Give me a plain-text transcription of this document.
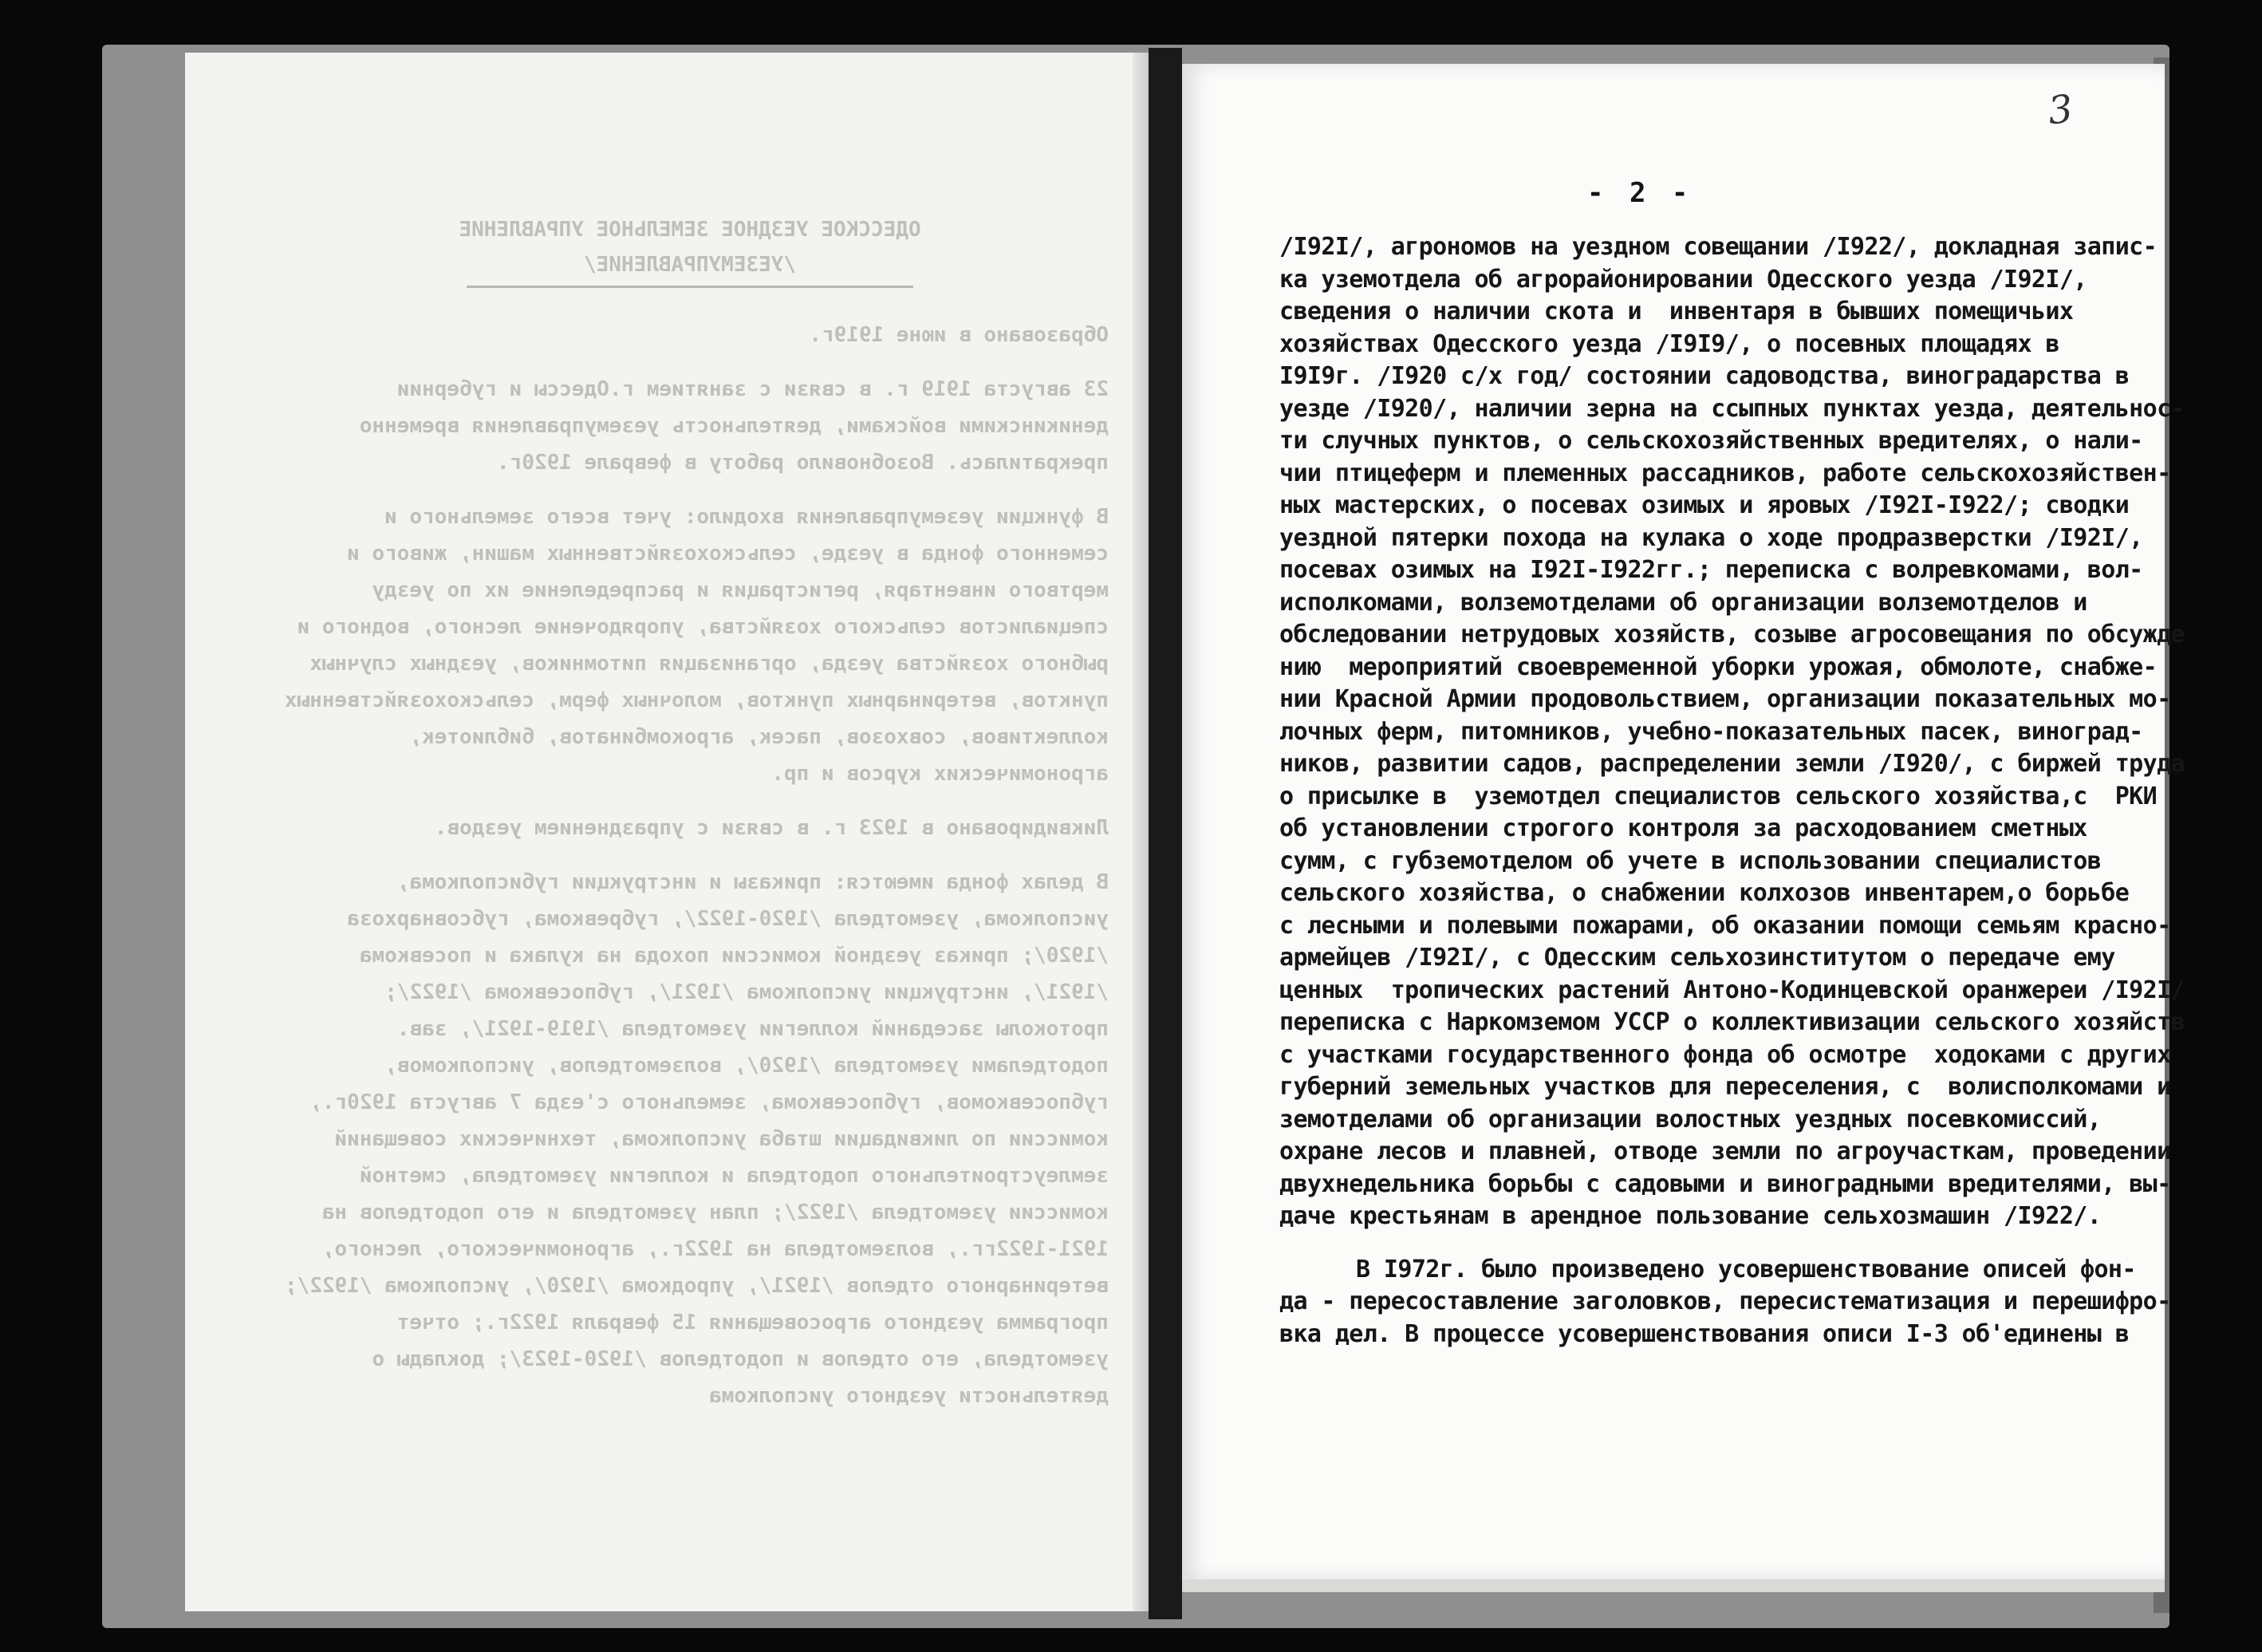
ОДЕССКОЕ УЕЗДНОЕ ЗЕМЕЛЬНОЕ УПРАВЛЕНИЕ
/УЕЗЕМУПРАВЛЕНИЕ/

Образовано в июне 1919г.

23 августа 1919 г. в связи с занятием г.Одессы и губернии деникинскими войсками, деятельность уеземуправления временно прекратилась. Возобновило работу в феврале 1920г.

В функции уеземуправления входило: учет всего земельного и семенного фонда в уезде, сельскохозяйственных машин, живого и мертвого инвентаря, регистрация и распределение их по уезду специалистов сельского хозяйства, упорядочение лесного, водного и рыбного хозяйства уезда, организация питомников, уездных случных пунктов, ветеринарных пунктов, молочных ферм, сельскохозяйственных коллективов, совхозов, пасек, агрокомбинатов, библиотек, агрономических курсов и пр.

Ликвидировано в 1923 г. в связи с упразднением уездов.

В делах фонда имеются: приказы и инструкции губисполкома, уисполкома, уземотдела /1920-1922/, губревкома, губсовнархоза /1920/; приказ уездной комиссии похода на кулака и посевкома /1921/, инструкции уисполкома /1921/, губпосевкома /1922/; протоколы заседаний коллегии уземотдела /1919-1921/, зав. подотделами уземотдела /1920/, волземотделов, уисполкомов, губпосевкомов, губпосевкома, земельного с'езда 7 августа 1920г., комиссии по ликвидации штаба уисполкома, технических совещаний землеустроительного подотдела и коллегии уземотдела, сметной комиссии уземотдела /1922/; план уземотдела и его подотделов на 1921-1922гг., волземотдела на 1922г., агрономического, лесного, ветеринарного отделов /1921/, упродкома /1920/, уисполкома /1922/; программа уездного агросовещания 15 февраля 1922г.; отчет уземотдела, его отделов и подотделов /1920-1923/; доклады о деятельности уездного уисполкома

3
- 2 -
/I92I/, агрономов на уездном совещании /I922/, докладная запис-
ка уземотдела об агрорайонировании Одесского уезда /I92I/,
сведения о наличии скота и  инвентаря в бывших помещичьих
хозяйствах Одесского уезда /I9I9/, о посевных площадях в
I9I9г. /I920 с/х год/ состоянии садоводства, виноградарства в
уезде /I920/, наличии зерна на ссыпных пунктах уезда, деятельнос-
ти случных пунктов, о сельскохозяйственных вредителях, о нали-
чии птицеферм и племенных рассадников, работе сельскохозяйствен-
ных мастерских, о посевах озимых и яровых /I92I-I922/; сводки
уездной пятерки похода на кулака о ходе продразверстки /I92I/,
посевах озимых на I92I-I922гг.; переписка с волревкомами, вол-
исполкомами, волземотделами об организации волземотделов и
обследовании нетрудовых хозяйств, созыве агросовещания по обсужде
нию  мероприятий своевременной уборки урожая, обмолоте, снабже-
нии Красной Армии продовольствием, организации показательных мо-
лочных ферм, питомников, учебно-показательных пасек, виноград-
ников, развитии садов, распределении земли /I920/, с биржей труда
о присылке в  уземотдел специалистов сельского хозяйства,с  РКИ
об установлении строгого контроля за расходованием сметных
сумм, с губземотделом об учете в использовании специалистов
сельского хозяйства, о снабжении колхозов инвентарем,о борьбе
с лесными и полевыми пожарами, об оказании помощи семьям красно-
армейцев /I92I/, с Одесским сельхозинститутом о передаче ему
ценных  тропических растений Антоно-Кодинцевской оранжереи /I92I/
переписка с Наркомземом УССР о коллективизации сельского хозяйств
с участками государственного фонда об осмотре  ходоками с других
губерний земельных участков для переселения, с  волисполкомами и
земотделами об организации волостных уездных посевкомиссий,
охране лесов и плавней, отводе земли по агроучасткам, проведении
двухнедельника борьбы с садовыми и виноградными вредителями, вы-
даче крестьянам в арендное пользование сельхозмашин /I922/.
В I972г. было произведено усовершенствование описей фон-
да - пересоставление заголовков, пересистематизация и перешифро-
вка дел. В процессе усовершенствования описи I-3 об'единены в
